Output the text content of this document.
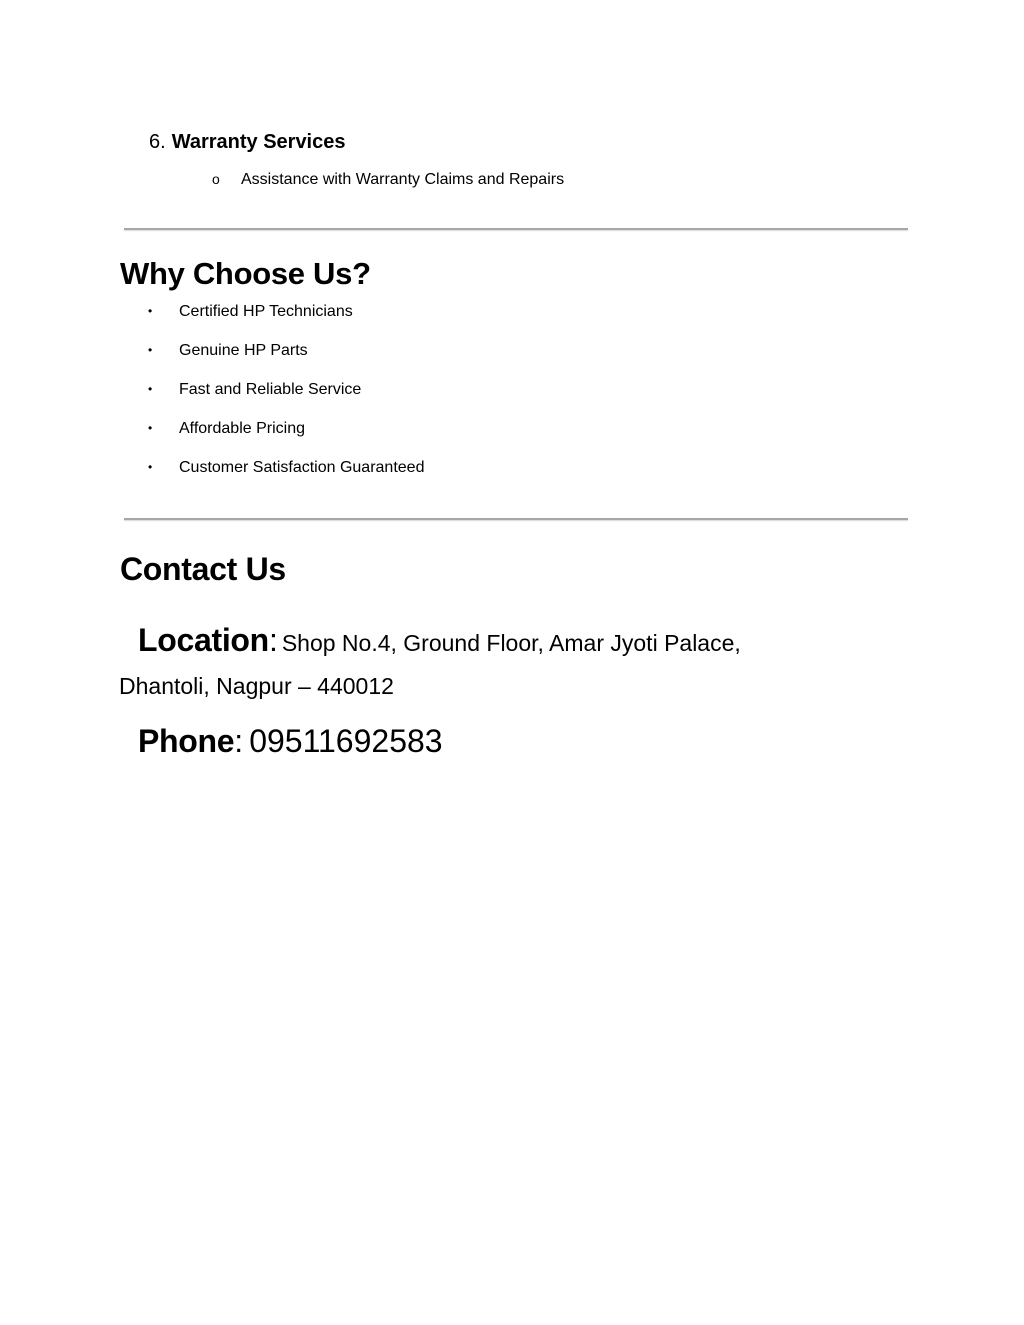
6. Warranty Services
o Assistance with Warranty Claims and Repairs
Why Choose Us?
• Certified HP Technicians
• Genuine HP Parts
• Fast and Reliable Service
• Affordable Pricing
• Customer Satisfaction Guaranteed
Contact Us
Location: Shop No.4, Ground Floor, Amar Jyoti Palace,
Dhantoli, Nagpur – 440012
Phone: 09511692583
